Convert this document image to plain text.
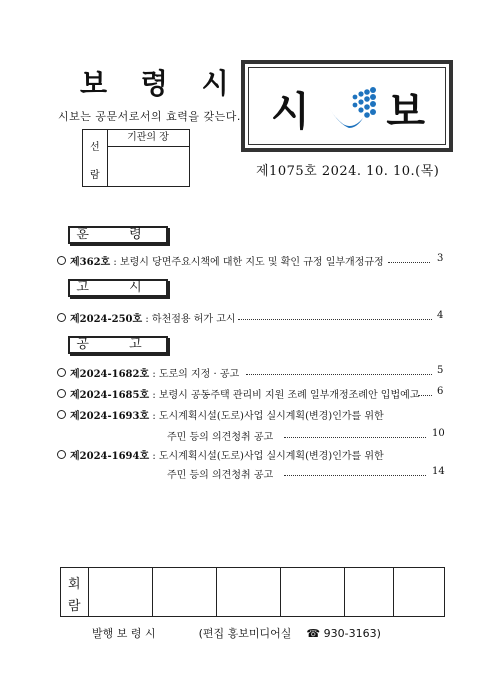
보 령 시
시보는 공문서로서의 효력을 갖는다.
선
람
기관의 장
시 보
제1075호 2024. 10. 10.(목)
훈 령
제362호 : 보령시 당면주요시책에 대한 지도 및 확인 규정 일부개정규정	3
고 시
제2024-250호 : 하천점용 허가 고시	4
공 고
제2024-1682호 : 도로의 지정 · 공고	5
제2024-1685호 : 보령시 공동주택 관리비 지원 조례 일부개정조례안 입법예고 6
제2024-1693호 : 도시계획시설(도로)사업 실시계획(변경)인가를 위한
주민 등의 의견청취 공고	10
제2024-1694호 : 도시계획시설(도로)사업 실시계획(변경)인가를 위한
주민 등의 의견청취 공고	14
회
람
발행 보 령 시	(편집 홍보미디어실 ☎ 930-3163)
